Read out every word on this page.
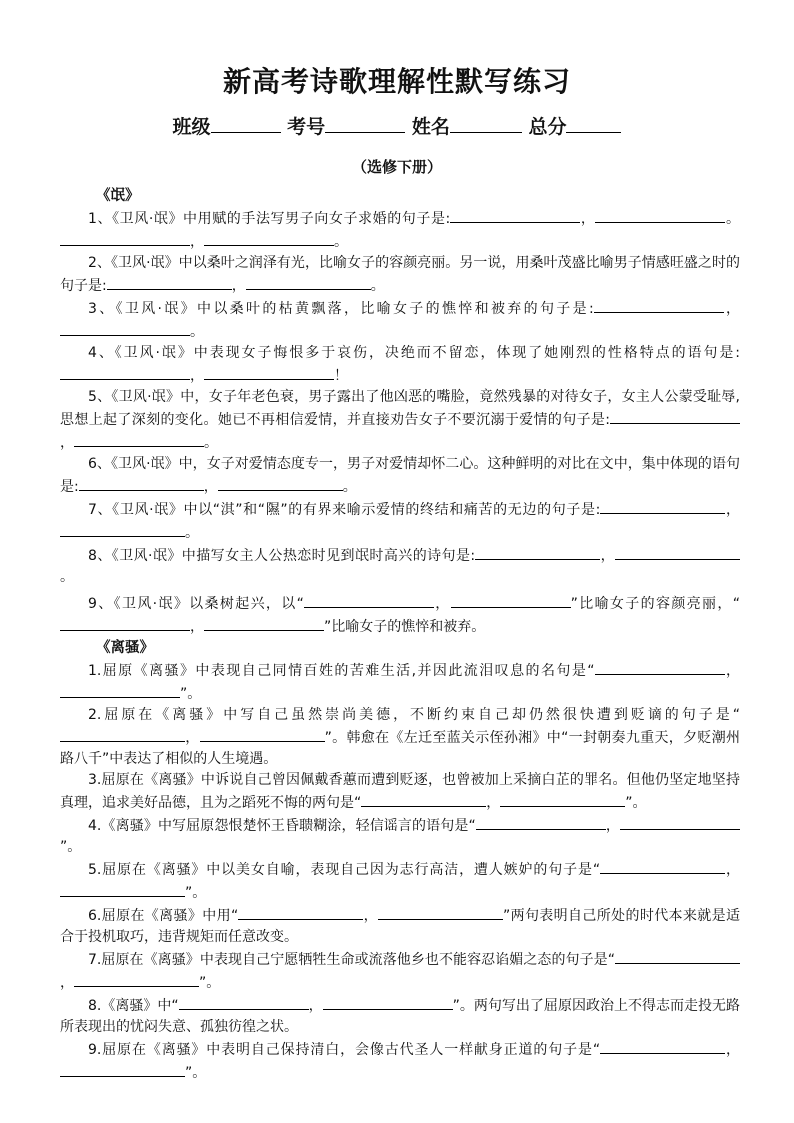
新高考诗歌理解性默写练习
班级	考号	姓名	总分
（选修下册）
《氓》

1、《卫风·氓》中用赋的手法写男子向女子求婚的句子是:	，	。，	。

2、《卫风·氓》中以桑叶之润泽有光，比喻女子的容颜亮丽。另一说，用桑叶茂盛比喻男子情感旺盛之时的句子是:	，	。

3、《卫风·氓》中以桑叶的枯黄飘落，比喻女子的憔悴和被弃的句子是:	，。

4、《卫风·氓》中表现女子悔恨多于哀伤，决绝而不留恋，体现了她刚烈的性格特点的语句是:，	！

5、《卫风·氓》中，女子年老色衰，男子露出了他凶恶的嘴脸，竟然残暴的对待女子，女主人公蒙受耻辱,思想上起了深刻的变化。她已不再相信爱情，并直接劝告女子不要沉溺于爱情的句子是:，	。

6、《卫风·氓》中，女子对爱情态度专一，男子对爱情却怀二心。这种鲜明的对比在文中，集中体现的语句是:	，	。

7、《卫风·氓》中以“淇”和“隰”的有界来喻示爱情的终结和痛苦的无边的句子是:	，。

8、《卫风·氓》中描写女主人公热恋时见到氓时高兴的诗句是:	，。

9、《卫风·氓》以桑树起兴，以“	，	”比喻女子的容颜亮丽，“，	”比喻女子的憔悴和被弃。

《离骚》

1.屈原《离骚》中表现自己同情百姓的苦难生活,并因此流泪叹息的名句是“	，”。

2.屈原在《离骚》中写自己虽然崇尚美德，不断约束自己却仍然很快遭到贬谪的句子是“，	”。韩愈在《左迁至蓝关示侄孙湘》中“一封朝奏九重天，夕贬潮州路八千”中表达了相似的人生境遇。

3.屈原在《离骚》中诉说自己曾因佩戴香蕙而遭到贬逐，也曾被加上采摘白芷的罪名。但他仍坚定地坚持真理，追求美好品德，且为之蹈死不悔的两句是“	，	”。

4.《离骚》中写屈原怨恨楚怀王昏聩糊涂，轻信谣言的语句是“	，”。

5.屈原在《离骚》中以美女自喻，表现自己因为志行高洁，遭人嫉妒的句子是“	，”。

6.屈原在《离骚》中用“	，	”两句表明自己所处的时代本来就是适合于投机取巧，违背规矩而任意改变。

7.屈原在《离骚》中表现自己宁愿牺牲生命或流落他乡也不能容忍谄媚之态的句子是“，	”。

8.《离骚》中“	，	”。两句写出了屈原因政治上不得志而走投无路所表现出的忧闷失意、孤独彷徨之状。

9.屈原在《离骚》中表明自己保持清白，会像古代圣人一样献身正道的句子是“	，”。
